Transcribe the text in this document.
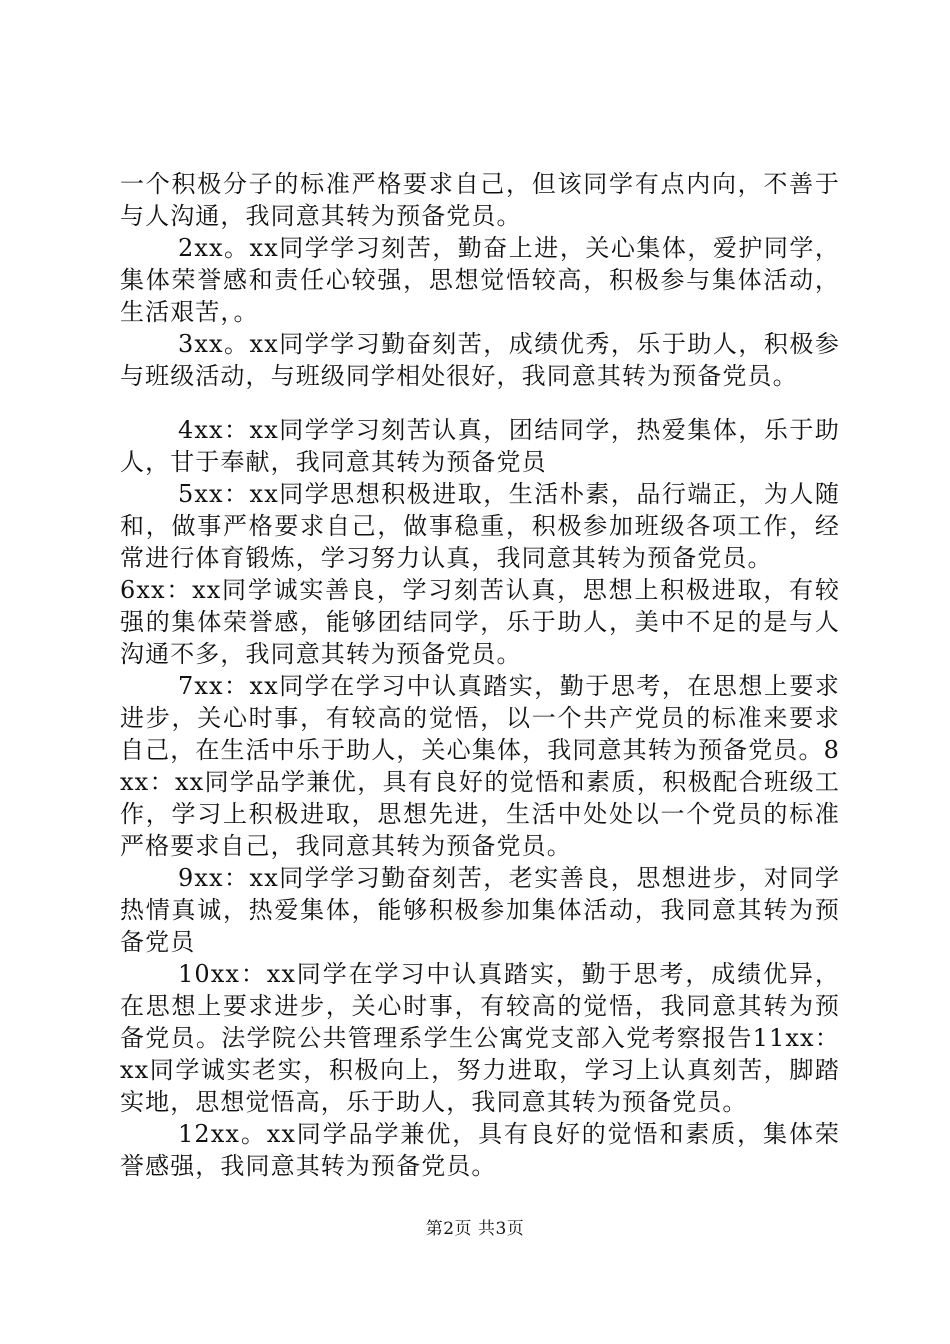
一个积极分子的标准严格要求自己，但该同学有点内向，不善于与人沟通，我同意其转为预备党员。

2xx。xx同学学习刻苦，勤奋上进，关心集体，爱护同学，集体荣誉感和责任心较强，思想觉悟较高，积极参与集体活动，生活艰苦，。

3xx。xx同学学习勤奋刻苦，成绩优秀，乐于助人，积极参与班级活动，与班级同学相处很好，我同意其转为预备党员。

4xx：xx同学学习刻苦认真，团结同学，热爱集体，乐于助人，甘于奉献，我同意其转为预备党员

5xx：xx同学思想积极进取，生活朴素，品行端正，为人随和，做事严格要求自己，做事稳重，积极参加班级各项工作，经常进行体育锻炼，学习努力认真，我同意其转为预备党员。

6xx：xx同学诚实善良，学习刻苦认真，思想上积极进取，有较强的集体荣誉感，能够团结同学，乐于助人，美中不足的是与人沟通不多，我同意其转为预备党员。

7xx：xx同学在学习中认真踏实，勤于思考，在思想上要求进步，关心时事，有较高的觉悟，以一个共产党员的标准来要求自己，在生活中乐于助人，关心集体，我同意其转为预备党员。8xx：xx同学品学兼优，具有良好的觉悟和素质，积极配合班级工作，学习上积极进取，思想先进，生活中处处以一个党员的标准严格要求自己，我同意其转为预备党员。

9xx：xx同学学习勤奋刻苦，老实善良，思想进步，对同学热情真诚，热爱集体，能够积极参加集体活动，我同意其转为预备党员

10xx：xx同学在学习中认真踏实，勤于思考，成绩优异，在思想上要求进步，关心时事，有较高的觉悟，我同意其转为预备党员。法学院公共管理系学生公寓党支部入党考察报告11xx：xx同学诚实老实，积极向上，努力进取，学习上认真刻苦，脚踏实地，思想觉悟高，乐于助人，我同意其转为预备党员。

12xx。xx同学品学兼优，具有良好的觉悟和素质，集体荣誉感强，我同意其转为预备党员。

第2页 共3页
